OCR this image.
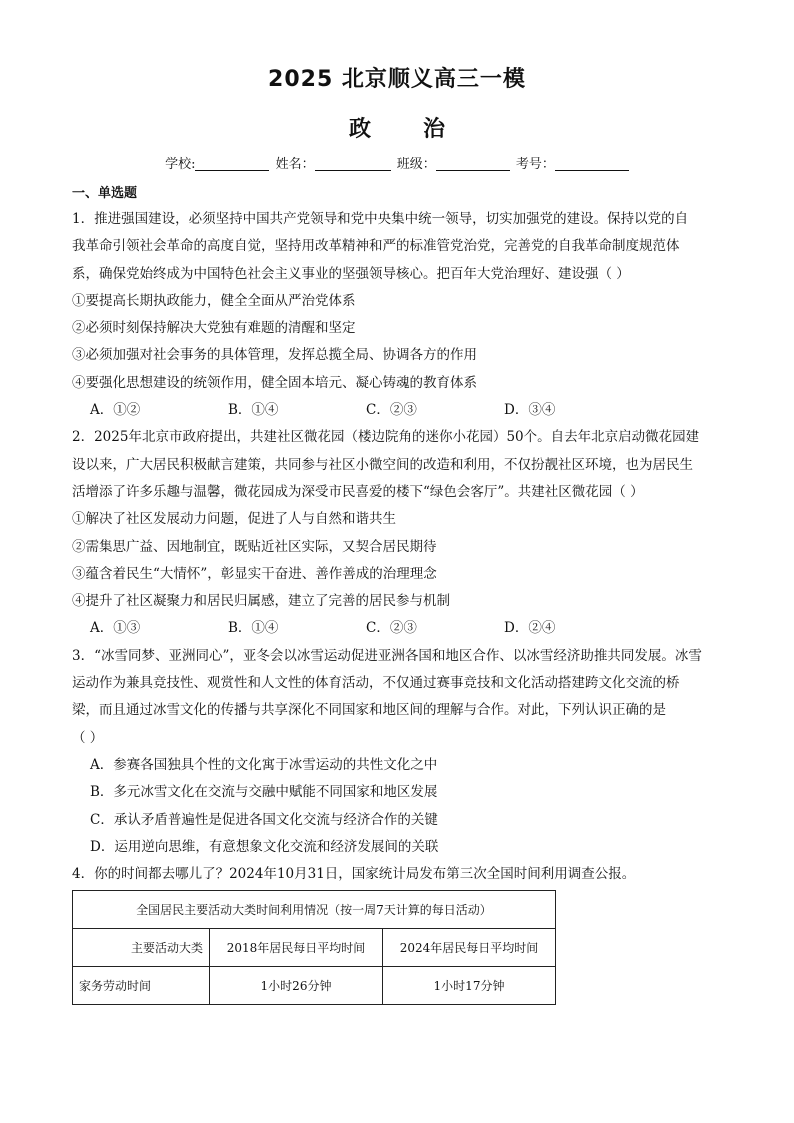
2025 北京顺义高三一模
政 治
学校:	姓名：	班级：	考号：
一、单选题

1．推进强国建设，必须坚持中国共产党领导和党中央集中统一领导，切实加强党的建设。保持以党的自

我革命引领社会革命的高度自觉，坚持用改革精神和严的标准管党治党，完善党的自我革命制度规范体

系，确保党始终成为中国特色社会主义事业的坚强领导核心。把百年大党治理好、建设强（ ）

①要提高长期执政能力，健全全面从严治党体系

②必须时刻保持解决大党独有难题的清醒和坚定

③必须加强对社会事务的具体管理，发挥总揽全局、协调各方的作用

④要强化思想建设的统领作用，健全固本培元、凝心铸魂的教育体系

A．①②	B．①④	C．②③	D．③④

2．2025年北京市政府提出，共建社区微花园（楼边院角的迷你小花园）50个。自去年北京启动微花园建

设以来，广大居民积极献言建策，共同参与社区小微空间的改造和利用，不仅扮靓社区环境，也为居民生

活增添了许多乐趣与温馨，微花园成为深受市民喜爱的楼下“绿色会客厅”。共建社区微花园（ ）

①解决了社区发展动力问题，促进了人与自然和谐共生

②需集思广益、因地制宜，既贴近社区实际，又契合居民期待

③蕴含着民生“大情怀”，彰显实干奋进、善作善成的治理理念

④提升了社区凝聚力和居民归属感，建立了完善的居民参与机制

A．①③	B．①④	C．②③	D．②④

3．“冰雪同梦、亚洲同心”，亚冬会以冰雪运动促进亚洲各国和地区合作、以冰雪经济助推共同发展。冰雪

运动作为兼具竞技性、观赏性和人文性的体育活动，不仅通过赛事竞技和文化活动搭建跨文化交流的桥

梁，而且通过冰雪文化的传播与共享深化不同国家和地区间的理解与合作。对此，下列认识正确的是

（ ）

A．参赛各国独具个性的文化寓于冰雪运动的共性文化之中

B．多元冰雪文化在交流与交融中赋能不同国家和地区发展

C．承认矛盾普遍性是促进各国文化交流与经济合作的关键

D．运用逆向思维，有意想象文化交流和经济发展间的关联

4．你的时间都去哪儿了？2024年10月31日，国家统计局发布第三次全国时间利用调查公报。

全国居民主要活动大类时间利用情况（按一周7天计算的每日活动）		
主要活动大类	2018年居民每日平均时间	2024年居民每日平均时间
家务劳动时间	1小时26分钟	1小时17分钟
